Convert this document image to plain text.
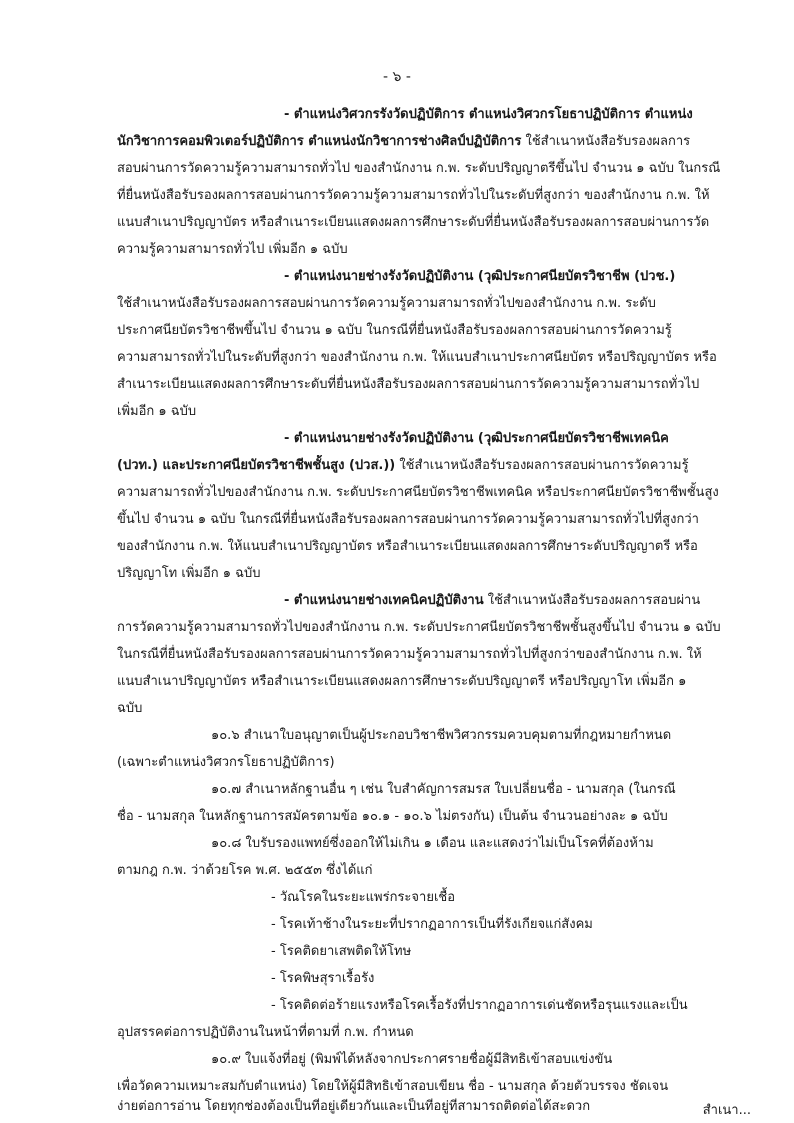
- ๖ -
- ตำแหน่งวิศวกรรังวัดปฏิบัติการ ตำแหน่งวิศวกรโยธาปฏิบัติการ ตำแหน่ง
นักวิชาการคอมพิวเตอร์ปฏิบัติการ ตำแหน่งนักวิชาการช่างศิลป์ปฏิบัติการ ใช้สำเนาหนังสือรับรองผลการ
สอบผ่านการวัดความรู้ความสามารถทั่วไป ของสำนักงาน ก.พ. ระดับปริญญาตรีขึ้นไป จำนวน ๑ ฉบับ ในกรณี
ที่ยื่นหนังสือรับรองผลการสอบผ่านการวัดความรู้ความสามารถทั่วไปในระดับที่สูงกว่า ของสำนักงาน ก.พ. ให้
แนบสำเนาปริญญาบัตร หรือสำเนาระเบียนแสดงผลการศึกษาระดับที่ยื่นหนังสือรับรองผลการสอบผ่านการวัด
ความรู้ความสามารถทั่วไป เพิ่มอีก ๑ ฉบับ
- ตำแหน่งนายช่างรังวัดปฏิบัติงาน (วุฒิประกาศนียบัตรวิชาชีพ (ปวช.)
ใช้สำเนาหนังสือรับรองผลการสอบผ่านการวัดความรู้ความสามารถทั่วไปของสำนักงาน ก.พ. ระดับ
ประกาศนียบัตรวิชาชีพขึ้นไป จำนวน ๑ ฉบับ ในกรณีที่ยื่นหนังสือรับรองผลการสอบผ่านการวัดความรู้
ความสามารถทั่วไปในระดับที่สูงกว่า ของสำนักงาน ก.พ. ให้แนบสำเนาประกาศนียบัตร หรือปริญญาบัตร หรือ
สำเนาระเบียนแสดงผลการศึกษาระดับที่ยื่นหนังสือรับรองผลการสอบผ่านการวัดความรู้ความสามารถทั่วไป
เพิ่มอีก ๑ ฉบับ
- ตำแหน่งนายช่างรังวัดปฏิบัติงาน (วุฒิประกาศนียบัตรวิชาชีพเทคนิค
(ปวท.) และประกาศนียบัตรวิชาชีพชั้นสูง (ปวส.)) ใช้สำเนาหนังสือรับรองผลการสอบผ่านการวัดความรู้
ความสามารถทั่วไปของสำนักงาน ก.พ. ระดับประกาศนียบัตรวิชาชีพเทคนิค หรือประกาศนียบัตรวิชาชีพชั้นสูง
ขึ้นไป จำนวน ๑ ฉบับ ในกรณีที่ยื่นหนังสือรับรองผลการสอบผ่านการวัดความรู้ความสามารถทั่วไปที่สูงกว่า
ของสำนักงาน ก.พ. ให้แนบสำเนาปริญญาบัตร หรือสำเนาระเบียนแสดงผลการศึกษาระดับปริญญาตรี หรือ
ปริญญาโท เพิ่มอีก ๑ ฉบับ
- ตำแหน่งนายช่างเทคนิคปฏิบัติงาน ใช้สำเนาหนังสือรับรองผลการสอบผ่าน
การวัดความรู้ความสามารถทั่วไปของสำนักงาน ก.พ. ระดับประกาศนียบัตรวิชาชีพชั้นสูงขึ้นไป จำนวน ๑ ฉบับ
ในกรณีที่ยื่นหนังสือรับรองผลการสอบผ่านการวัดความรู้ความสามารถทั่วไปที่สูงกว่าของสำนักงาน ก.พ. ให้
แนบสำเนาปริญญาบัตร หรือสำเนาระเบียนแสดงผลการศึกษาระดับปริญญาตรี หรือปริญญาโท เพิ่มอีก ๑
ฉบับ
๑๐.๖ สำเนาใบอนุญาตเป็นผู้ประกอบวิชาชีพวิศวกรรมควบคุมตามที่กฎหมายกำหนด
(เฉพาะตำแหน่งวิศวกรโยธาปฏิบัติการ)
๑๐.๗ สำเนาหลักฐานอื่น ๆ เช่น ใบสำคัญการสมรส ใบเปลี่ยนชื่อ - นามสกุล (ในกรณี
ชื่อ - นามสกุล ในหลักฐานการสมัครตามข้อ ๑๐.๑ - ๑๐.๖ ไม่ตรงกัน) เป็นต้น จำนวนอย่างละ ๑ ฉบับ
๑๐.๘ ใบรับรองแพทย์ซึ่งออกให้ไม่เกิน ๑ เดือน และแสดงว่าไม่เป็นโรคที่ต้องห้าม
ตามกฎ ก.พ. ว่าด้วยโรค พ.ศ. ๒๕๕๓ ซึ่งได้แก่
- วัณโรคในระยะแพร่กระจายเชื้อ
- โรคเท้าช้างในระยะที่ปรากฏอาการเป็นที่รังเกียจแก่สังคม
- โรคติดยาเสพติดให้โทษ
- โรคพิษสุราเรื้อรัง
- โรคติดต่อร้ายแรงหรือโรคเรื้อรังที่ปรากฏอาการเด่นชัดหรือรุนแรงและเป็น
อุปสรรคต่อการปฏิบัติงานในหน้าที่ตามที่ ก.พ. กำหนด
๑๐.๙ ใบแจ้งที่อยู่ (พิมพ์ได้หลังจากประกาศรายชื่อผู้มีสิทธิเข้าสอบแข่งขัน
เพื่อวัดความเหมาะสมกับตำแหน่ง) โดยให้ผู้มีสิทธิเข้าสอบเขียน ชื่อ - นามสกุล ด้วยตัวบรรจง ชัดเจน
ง่ายต่อการอ่าน โดยทุกช่องต้องเป็นที่อยู่เดียวกันและเป็นที่อยู่ที่สามารถติดต่อได้สะดวก	สำเนา...
